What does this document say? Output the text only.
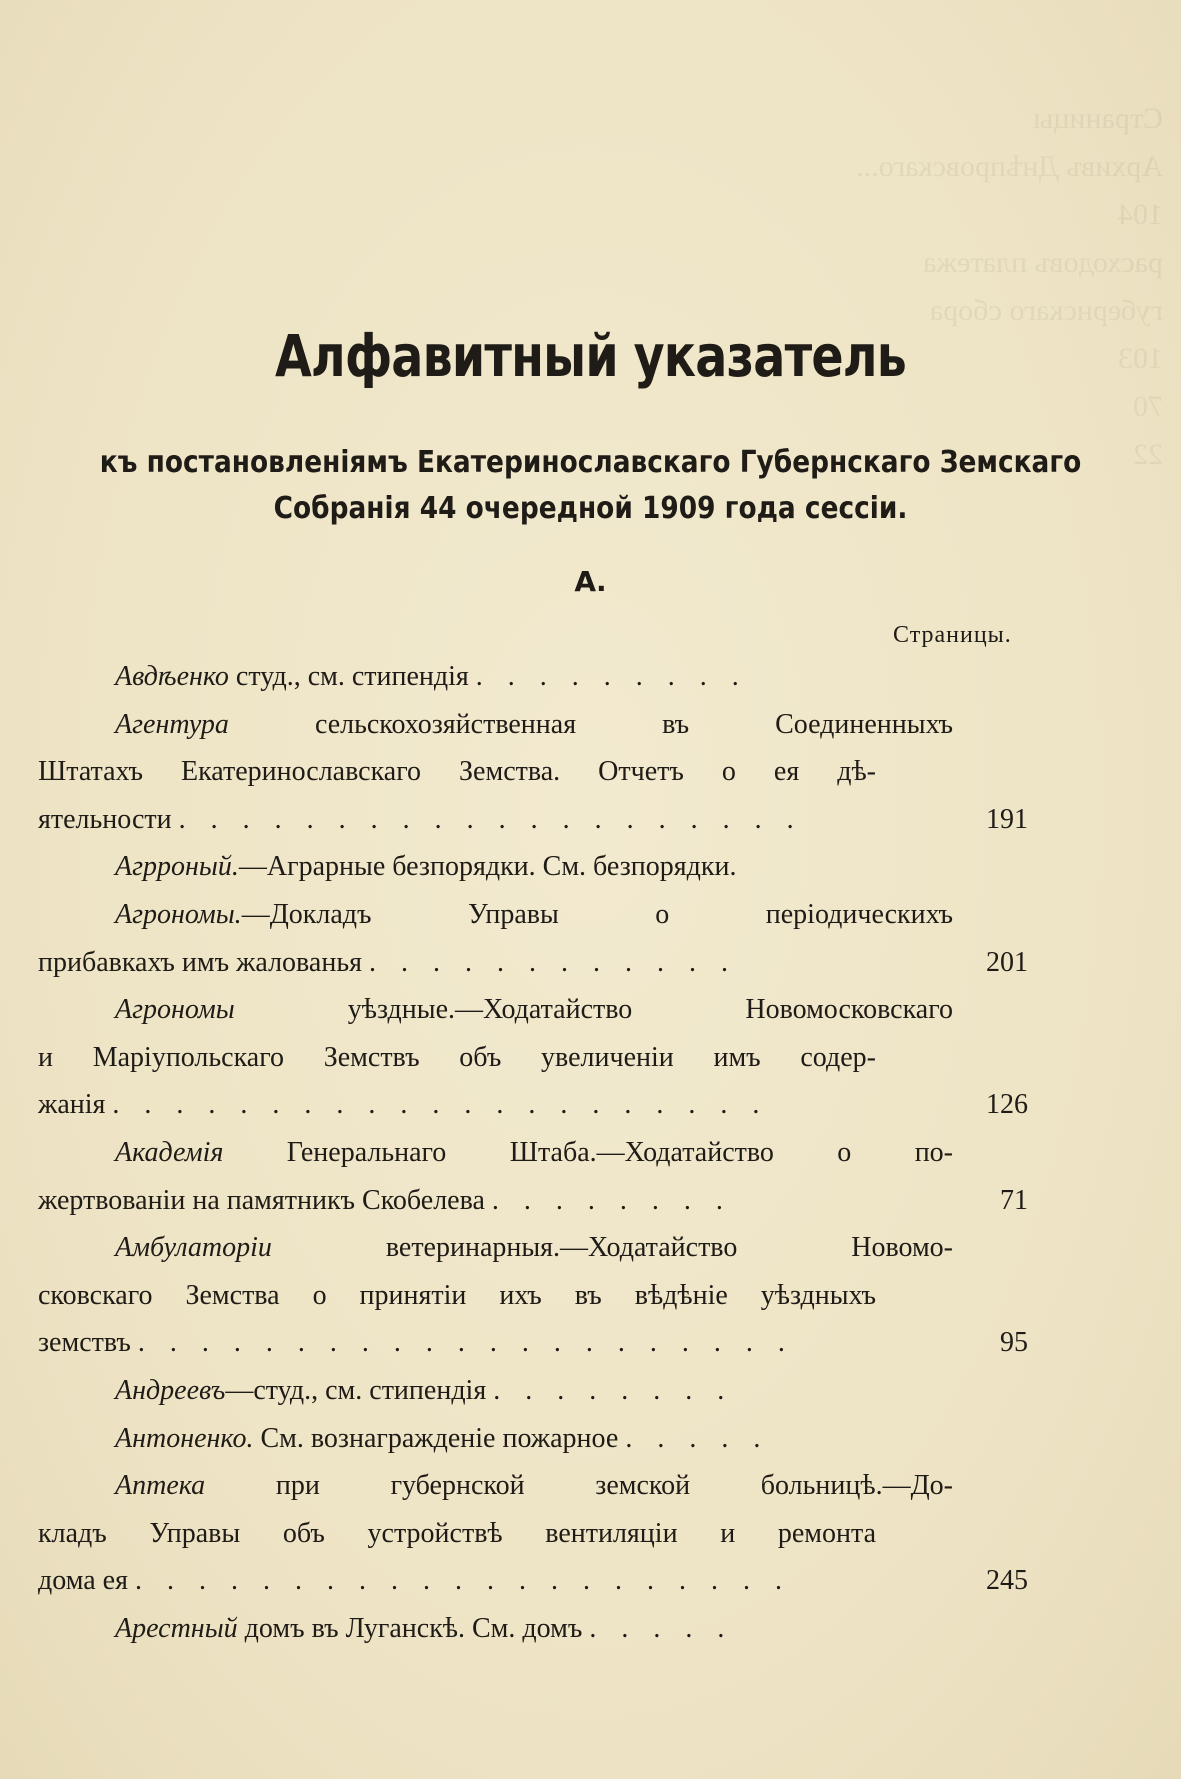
Страницы
Архивъ Днѣпровскаго...
104
расходовъ платежа губернскаго сбора
103
70
22
Алфавитный указатель
къ постановленіямъ Екатеринославскаго Губернскаго Земскаго
Собранія 44 очередной 1909 года сессіи.
А.
Страницы.
Авдѣенко студ., см. стипендія . . . . . . . . .
Агентура сельскохозяйственная въ Соединенныхъ
Штатахъ Екатеринославскаго Земства. Отчетъ о ея дѣ-
ятельности . . . . . . . . . . . . . . . . . . . .	191
Агрроный.—Аграрные безпорядки. См. безпорядки.
Агрономы.—Докладъ Управы о періодическихъ
прибавкахъ имъ жалованья . . . . . . . . . . . .	201
Агрономы уѣздные.—Ходатайство Новомосковскаго
и Маріупольскаго Земствъ объ увеличеніи имъ содер-
жанія . . . . . . . . . . . . . . . . . . . . .	126
Академія Генеральнаго Штаба.—Ходатайство о по-
жертвованіи на памятникъ Скобелева . . . . . . . .	71
Амбулаторіи ветеринарныя.—Ходатайство Новомо-
сковскаго Земства о принятіи ихъ въ вѣдѣніе уѣздныхъ
земствъ . . . . . . . . . . . . . . . . . . . . .	95
Андреевъ—студ., см. стипендія . . . . . . . .
Антоненко. См. вознагражденіе пожарное . . . . .
Аптека при губернской земской больницѣ.—До-
кладъ Управы объ устройствѣ вентиляціи и ремонта
дома ея . . . . . . . . . . . . . . . . . . . . .	245
Арестный домъ въ Луганскѣ. См. домъ . . . . .
